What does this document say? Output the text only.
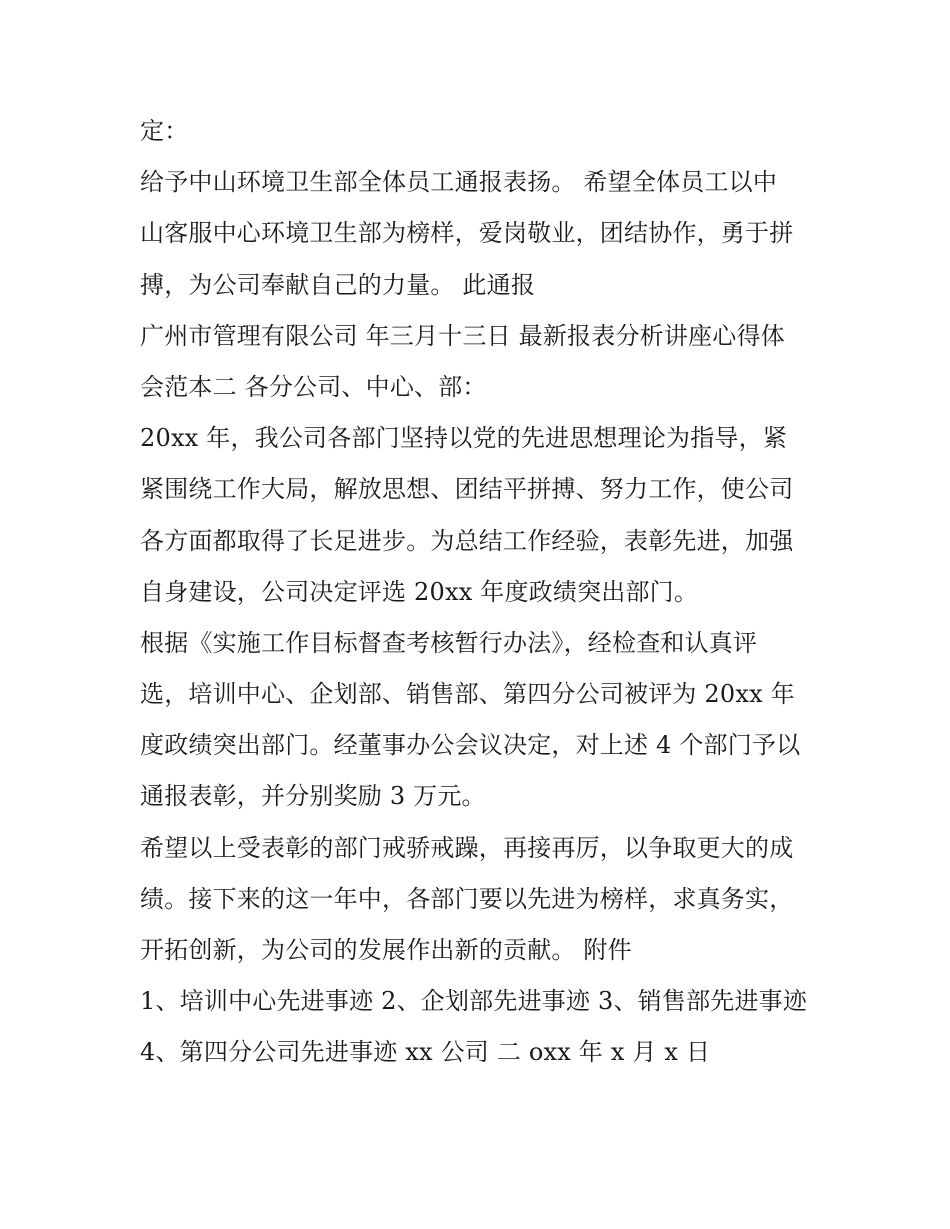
定：
给予中山环境卫生部全体员工通报表扬。 希望全体员工以中
山客服中心环境卫生部为榜样，爱岗敬业，团结协作，勇于拼
搏，为公司奉献自己的力量。 此通报
广州市管理有限公司 年三月十三日 最新报表分析讲座心得体
会范本二 各分公司、中心、部：
20xx 年，我公司各部门坚持以党的先进思想理论为指导，紧
紧围绕工作大局，解放思想、团结平拼搏、努力工作，使公司
各方面都取得了长足进步。为总结工作经验，表彰先进，加强
自身建设，公司决定评选 20xx 年度政绩突出部门。
根据《实施工作目标督查考核暂行办法》，经检查和认真评
选，培训中心、企划部、销售部、第四分公司被评为 20xx 年
度政绩突出部门。经董事办公会议决定，对上述 4 个部门予以
通报表彰，并分别奖励 3 万元。
希望以上受表彰的部门戒骄戒躁，再接再厉，以争取更大的成
绩。接下来的这一年中，各部门要以先进为榜样，求真务实，
开拓创新，为公司的发展作出新的贡献。 附件
1、培训中心先进事迹 2、企划部先进事迹 3、销售部先进事迹
4、第四分公司先进事迹 xx 公司 二 oxx 年 x 月 x 日
